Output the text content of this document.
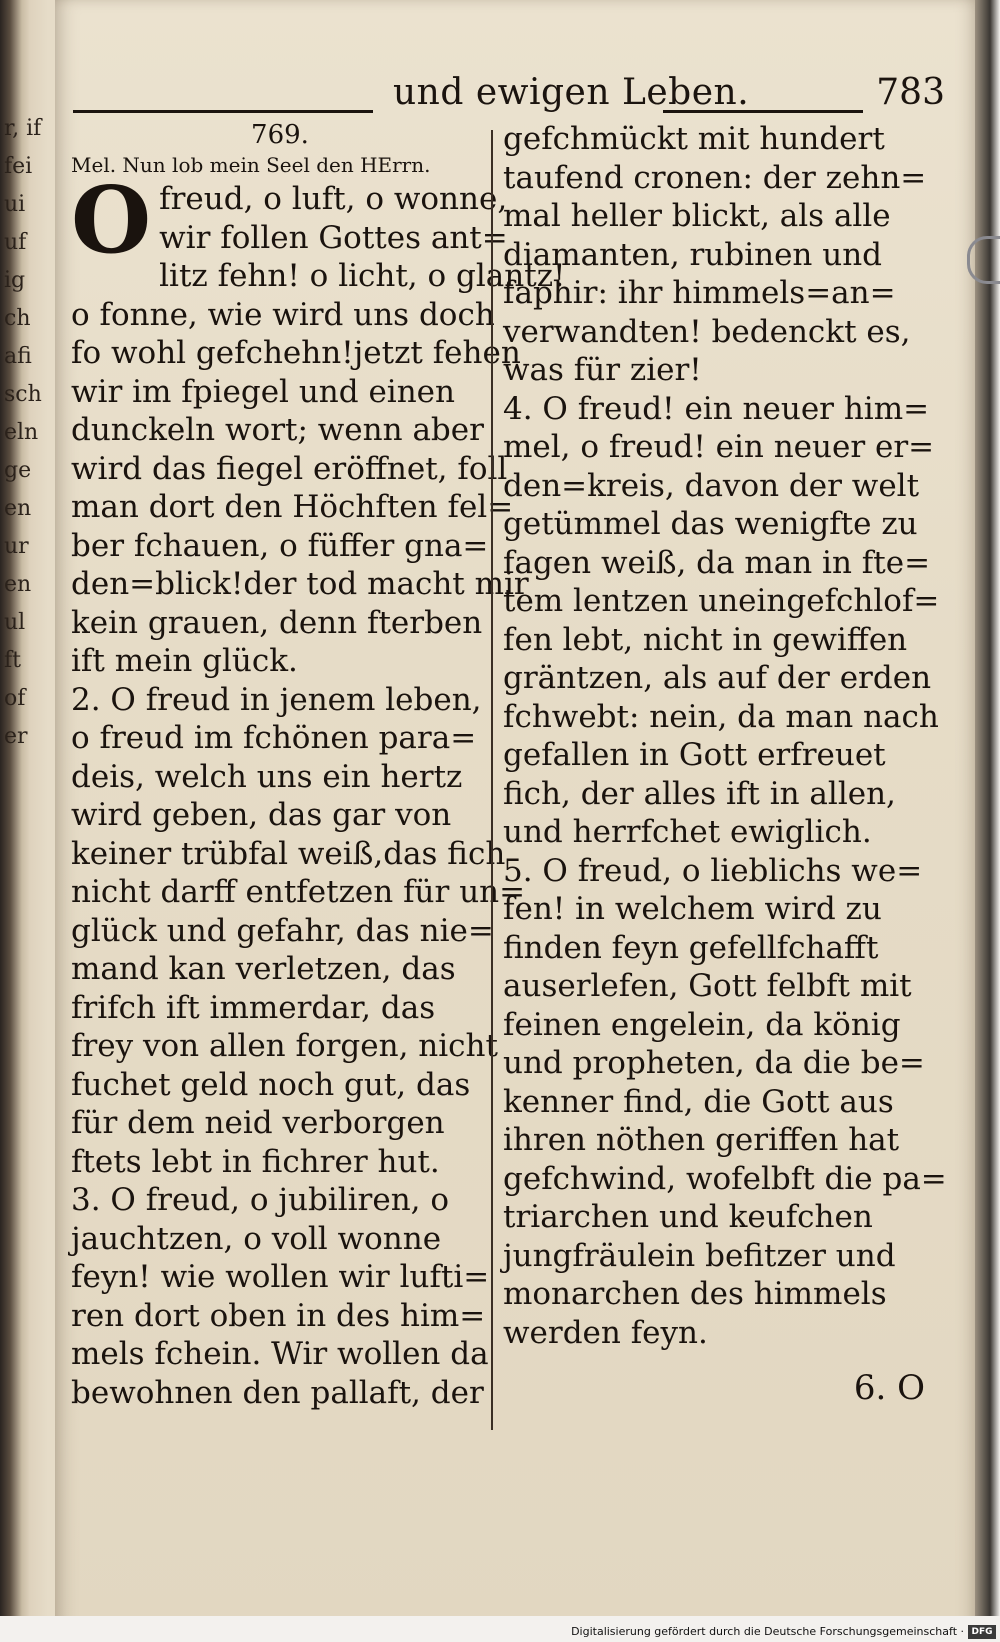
r, if
fei
ui
uf
ig
ch
afi
sch
eln
ge
en
ur
en
ul
ft
of
er
und ewigen Leben.	783
769.
Mel. Nun lob mein Seel den HErrn.
O freud, o luft, o wonne,
wir follen Gottes ant=
litz fehn! o licht, o glantz!
o fonne, wie wird uns doch
fo wohl gefchehn!jetzt fehen
wir im fpiegel und einen
dunckeln wort; wenn aber
wird das fiegel eröffnet, foll
man dort den Höchften fel=
ber fchauen, o füffer gna=
den=blick!der tod macht mir
kein grauen, denn fterben
ift mein glück.
2. O freud in jenem leben,
o freud im fchönen para=
deis, welch uns ein hertz
wird geben, das gar von
keiner trübfal weiß,das fich
nicht darff entfetzen für un=
glück und gefahr, das nie=
mand kan verletzen, das
frifch ift immerdar, das
frey von allen forgen, nicht
fuchet geld noch gut, das
für dem neid verborgen
ftets lebt in fichrer hut.
3. O freud, o jubiliren, o
jauchtzen, o voll wonne
feyn! wie wollen wir lufti=
ren dort oben in des him=
mels fchein. Wir wollen da
bewohnen den pallaft, der
gefchmückt mit hundert
taufend cronen: der zehn=
mal heller blickt, als alle
diamanten, rubinen und
faphir: ihr himmels=an=
verwandten! bedenckt es,
was für zier!
4. O freud! ein neuer him=
mel, o freud! ein neuer er=
den=kreis, davon der welt
getümmel das wenigfte zu
fagen weiß, da man in fte=
tem lentzen uneingefchlof=
fen lebt, nicht in gewiffen
gräntzen, als auf der erden
fchwebt: nein, da man nach
gefallen in Gott erfreuet
fich, der alles ift in allen,
und herrfchet ewiglich.
5. O freud, o lieblichs we=
fen! in welchem wird zu
finden feyn gefellfchafft
auserlefen, Gott felbft mit
feinen engelein, da könig
und propheten, da die be=
kenner find, die Gott aus
ihren nöthen geriffen hat
gefchwind, wofelbft die pa=
triarchen und keufchen
jungfräulein befitzer und
monarchen des himmels
werden feyn.
6. O
Digitalisierung gefördert durch die Deutsche Forschungsgemeinschaft · DFG
